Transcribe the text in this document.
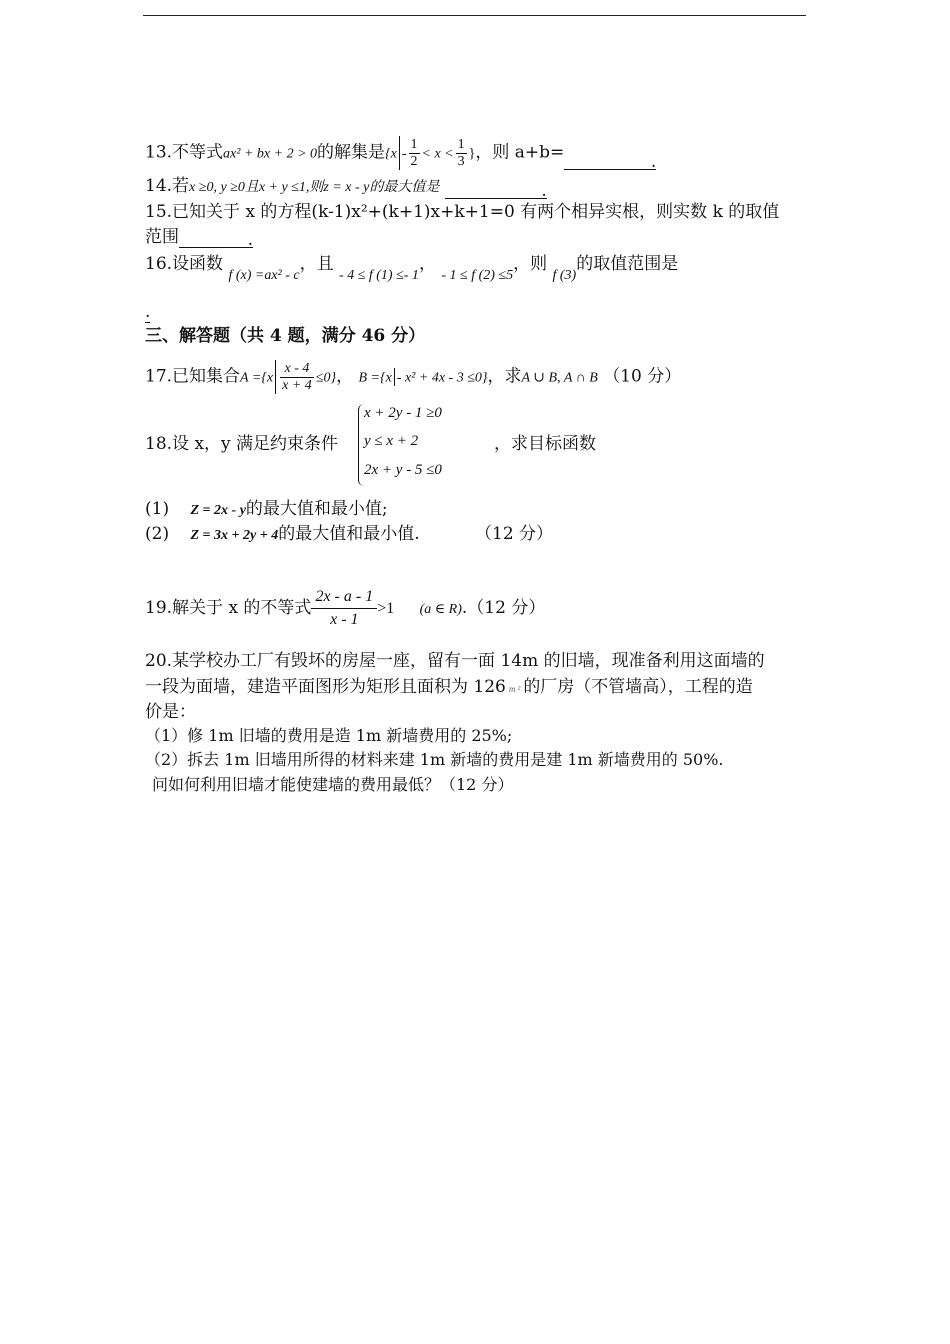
13.不等式ax² + bx + 2 > 0的解集是{$x - \frac{1}{2} < x < \frac{1}{3}$ }，则 a+b=	.
14.若x ≥0, y ≥0且x + y ≤1,则z = x - y的最大值是	.
15.已知关于 x 的方程(k-1)x²+(k+1)x+k+1=0 有两个相异实根，则实数 k 的取值
范围	.
16.设函数 $_{f (x) =ax^2 - c}$，且 $_{- 4 \le f (1) \le- 1}$， $_{- 1 \le f (2) \le 5}$，则 $_{f (3)}$的取值范围是
.
三、解答题（共 4 题，满分 46 分）
17.已知集合$A =\{x \frac{x - 4}{x + 4} \le 0\}$， B ={x - x² + 4x - 3 ≤0}，求A ∪ B, A ∩ B （10 分）
18.设 x，y 满足约束条件
x + 2y - 1 ≥0
y ≤ x + 2
2x + y - 5 ≤0
，求目标函数
(1) Z = 2x - y的最大值和最小值;
(2) Z = 3x + 2y + 4的最大值和最小值.	（12 分）
19.解关于 x 的不等式 $\frac{2x - a - 1}{x - 1} >1$ (a ∈ R).（12 分）
20.某学校办工厂有毁坏的房屋一座，留有一面 14m 的旧墙，现准备利用这面墙的
一段为面墙，建造平面图形为矩形且面积为 126 m ² 的厂房（不管墙高），工程的造
价是：
（1）修 1m 旧墙的费用是造 1m 新墙费用的 25%;
（2）拆去 1m 旧墙用所得的材料来建 1m 新墙的费用是建 1m 新墙费用的 50%.
问如何利用旧墙才能使建墙的费用最低？（12 分）
